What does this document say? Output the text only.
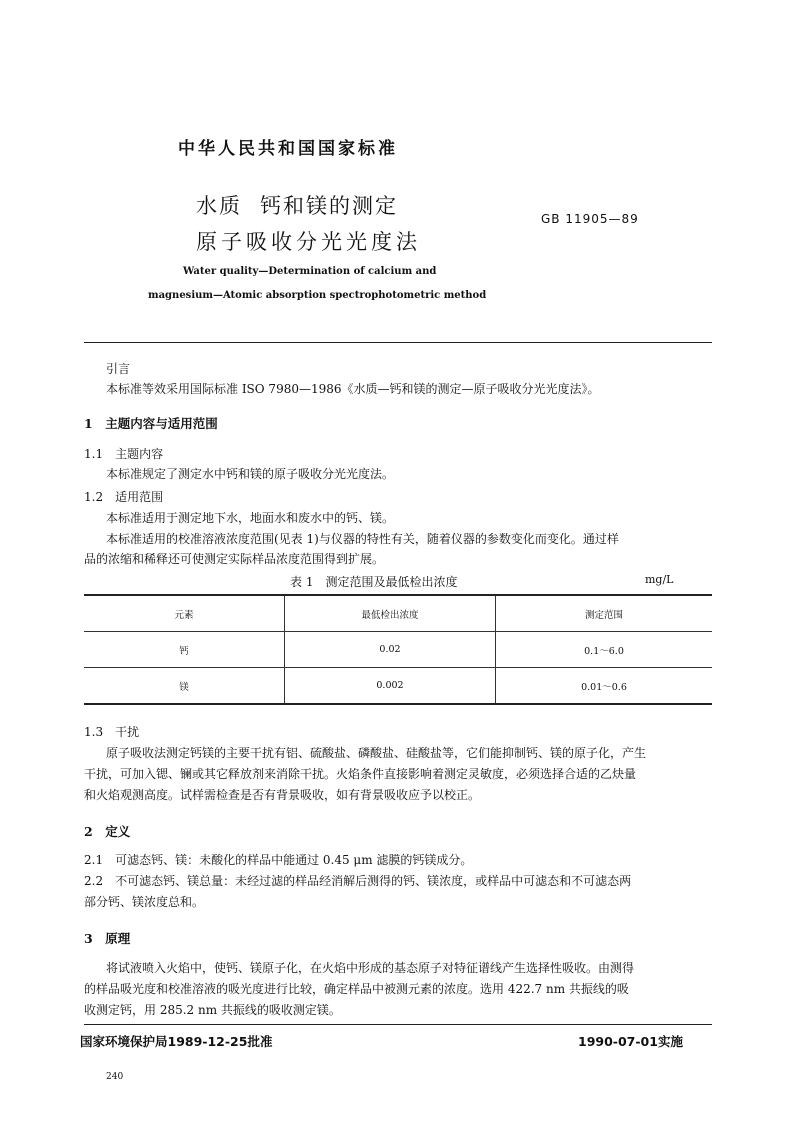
中华人民共和国国家标准
水质 钙和镁的测定
原子吸收分光光度法
GB 11905—89
Water quality—Determination of calcium and
magnesium—Atomic absorption spectrophotometric method
引言
本标准等效采用国际标准 ISO 7980—1986《水质—钙和镁的测定—原子吸收分光光度法》。
1　主题内容与适用范围
1.1　主题内容
本标准规定了测定水中钙和镁的原子吸收分光光度法。
1.2　适用范围
本标准适用于测定地下水，地面水和废水中的钙、镁。
本标准适用的校准溶液浓度范围(见表 1)与仪器的特性有关，随着仪器的参数变化而变化。通过样
品的浓缩和稀释还可使测定实际样品浓度范围得到扩展。
表 1　测定范围及最低检出浓度	mg/L
元素	最低检出浓度	测定范围
钙	0.02	0.1～6.0
镁	0.002	0.01～0.6
1.3　干扰
原子吸收法测定钙镁的主要干扰有铝、硫酸盐、磷酸盐、硅酸盐等，它们能抑制钙、镁的原子化，产生
干扰，可加入锶、镧或其它释放剂来消除干扰。火焰条件直接影响着测定灵敏度，必须选择合适的乙炔量
和火焰观测高度。试样需检查是否有背景吸收，如有背景吸收应予以校正。
2　定义
2.1　可滤态钙、镁：未酸化的样品中能通过 0.45 μm 滤膜的钙镁成分。
2.2　不可滤态钙、镁总量：未经过滤的样品经消解后测得的钙、镁浓度，或样品中可滤态和不可滤态两
部分钙、镁浓度总和。
3　原理
将试液喷入火焰中，使钙、镁原子化，在火焰中形成的基态原子对特征谱线产生选择性吸收。由测得
的样品吸光度和校准溶液的吸光度进行比较，确定样品中被测元素的浓度。选用 422.7 nm 共振线的吸
收测定钙，用 285.2 nm 共振线的吸收测定镁。
国家环境保护局1989-12-25批准	1990-07-01实施
240
